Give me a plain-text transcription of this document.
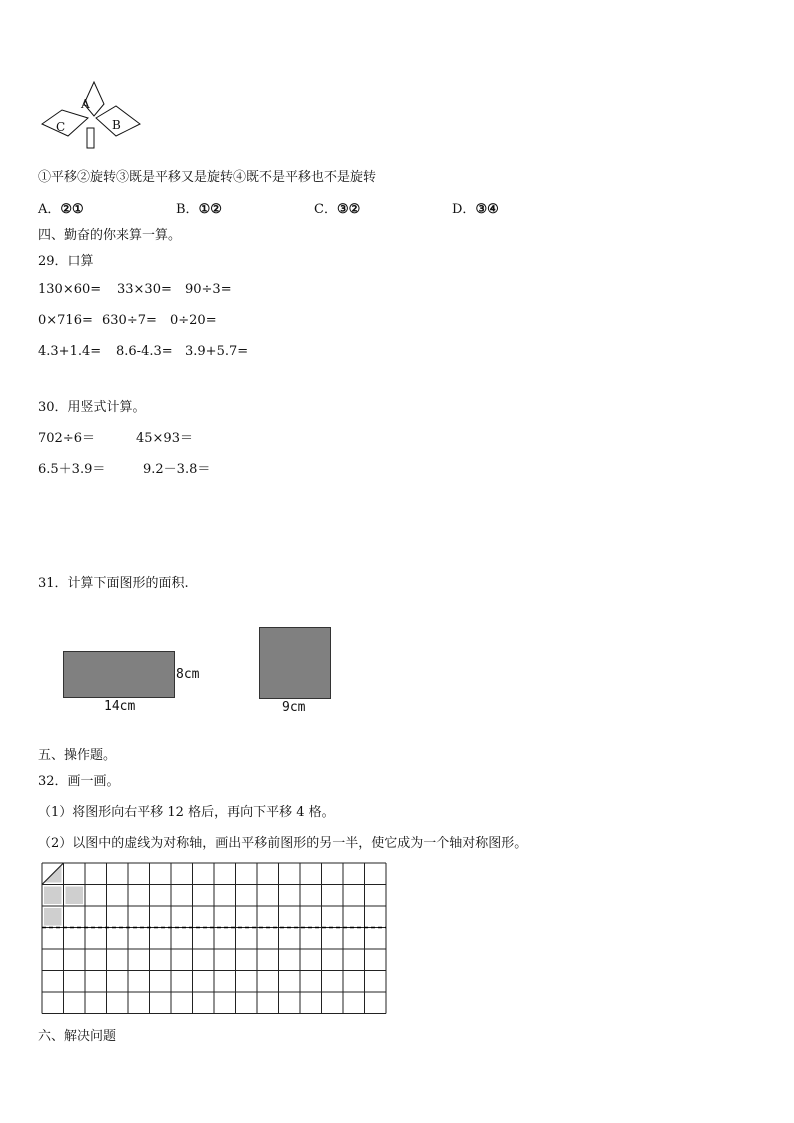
A
B
C
①平移②旋转③既是平移又是旋转④既不是平移也不是旋转
A．②①	B．①②	C．③②	D．③④
四、勤奋的你来算一算。
29．口算
130×60= 33×30= 90÷3=
0×716= 630÷7= 0÷20=
4.3+1.4= 8.6-4.3= 3.9+5.7=
30．用竖式计算。
702÷6＝	45×93＝
6.5＋3.9＝	9.2－3.8＝
31．计算下面图形的面积.
8cm
14cm	9cm
五、操作题。
32．画一画。
（1）将图形向右平移 12 格后，再向下平移 4 格。
（2）以图中的虚线为对称轴，画出平移前图形的另一半，使它成为一个轴对称图形。
六、解决问题
